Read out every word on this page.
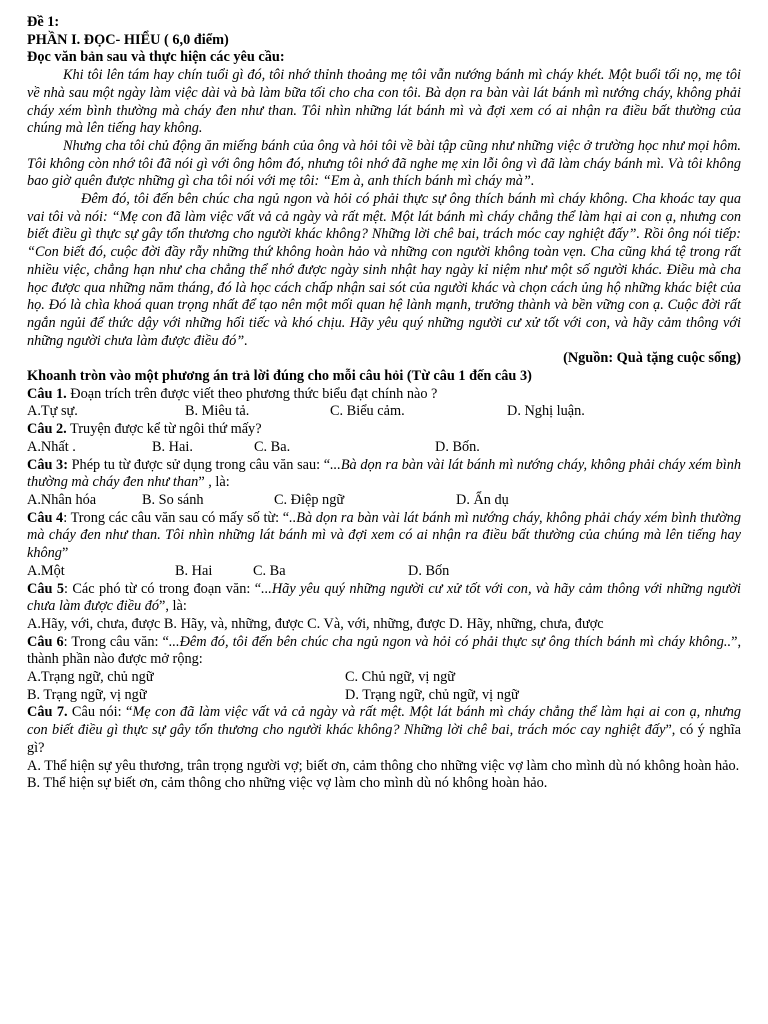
Đề 1:

PHẦN I. ĐỌC- HIỂU ( 6,0 điểm)

Đọc văn bản sau và thực hiện các yêu cầu:

Khi tôi lên tám hay chín tuổi gì đó, tôi nhớ thỉnh thoảng mẹ tôi vẫn nướng bánh mì cháy khét. Một buổi tối nọ, mẹ tôi về nhà sau một ngày làm việc dài và bà làm bữa tối cho cha con tôi. Bà dọn ra bàn vài lát bánh mì nướng cháy, không phải cháy xém bình thường mà cháy đen như than. Tôi nhìn những lát bánh mì và đợi xem có ai nhận ra điều bất thường của chúng mà lên tiếng hay không.

Nhưng cha tôi chủ động ăn miếng bánh của ông và hỏi tôi về bài tập cũng như những việc ở trường học như mọi hôm. Tôi không còn nhớ tôi đã nói gì với ông hôm đó, nhưng tôi nhớ đã nghe mẹ xin lỗi ông vì đã làm cháy bánh mì. Và tôi không bao giờ quên được những gì cha tôi nói với mẹ tôi: “Em à, anh thích bánh mì cháy mà”.

Đêm đó, tôi đến bên chúc cha ngủ ngon và hỏi có phải thực sự ông thích bánh mì cháy không. Cha khoác tay qua vai tôi và nói: “Mẹ con đã làm việc vất vả cả ngày và rất mệt. Một lát bánh mì cháy chẳng thể làm hại ai con ạ, nhưng con biết điều gì thực sự gây tổn thương cho người khác không? Những lời chê bai, trách móc cay nghiệt đấy”. Rồi ông nói tiếp: “Con biết đó, cuộc đời đầy rẫy những thứ không hoàn hảo và những con người không toàn vẹn. Cha cũng khá tệ trong rất nhiều việc, chẳng hạn như cha chẳng thể nhớ được ngày sinh nhật hay ngày kỉ niệm như một số người khác. Điều mà cha học được qua những năm tháng, đó là học cách chấp nhận sai sót của người khác và chọn cách ủng hộ những khác biệt của họ. Đó là chìa khoá quan trọng nhất để tạo nên một mối quan hệ lành mạnh, trưởng thành và bền vững con ạ. Cuộc đời rất ngắn ngủi để thức dậy với những hối tiếc và khó chịu. Hãy yêu quý những người cư xử tốt với con, và hãy cảm thông với những người chưa làm được điều đó”.

(Nguồn: Quà tặng cuộc sống)

Khoanh tròn vào một phương án trả lời đúng cho mỗi câu hỏi (Từ câu 1 đến câu 3)

Câu 1. Đoạn trích trên được viết theo phương thức biểu đạt chính nào ?

A.Tự sự.	B. Miêu tả.	C. Biểu cảm.	D. Nghị luận.

Câu 2. Truyện được kể từ ngôi thứ mấy?

A.Nhất .	B. Hai.	C. Ba.	D. Bốn.

Câu 3: Phép tu từ được sử dụng trong câu văn sau: “...Bà dọn ra bàn vài lát bánh mì nướng cháy, không phải cháy xém bình thường mà cháy đen như than” , là:

A.Nhân hóa	B. So sánh	C. Điệp ngữ	D. Ẩn dụ

Câu 4: Trong các câu văn sau có mấy số từ: “..Bà dọn ra bàn vài lát bánh mì nướng cháy, không phải cháy xém bình thường mà cháy đen như than. Tôi nhìn những lát bánh mì và đợi xem có ai nhận ra điều bất thường của chúng mà lên tiếng hay không”

A.Một	B. Hai	C. Ba	D. Bốn

Câu 5: Các phó từ có trong đoạn văn: “...Hãy yêu quý những người cư xử tốt với con, và hãy cảm thông với những người chưa làm được điều đó”, là:

A.Hãy, với, chưa, được B. Hãy, và, những, được C. Và, với, những, được D. Hãy, những, chưa, được

Câu 6: Trong câu văn: “...Đêm đó, tôi đến bên chúc cha ngủ ngon và hỏi có phải thực sự ông thích bánh mì cháy không..”, thành phần nào được mở rộng:

A.Trạng ngữ, chủ ngữ	C. Chủ ngữ, vị ngữ
B. Trạng ngữ, vị ngữ	D. Trạng ngữ, chủ ngữ, vị ngữ

Câu 7. Câu nói: “Mẹ con đã làm việc vất vả cả ngày và rất mệt. Một lát bánh mì cháy chẳng thể làm hại ai con ạ, nhưng con biết điều gì thực sự gây tổn thương cho người khác không? Những lời chê bai, trách móc cay nghiệt đấy”, có ý nghĩa gì?

A. Thể hiện sự yêu thương, trân trọng người vợ; biết ơn, cảm thông cho những việc vợ làm cho mình dù nó không hoàn hảo.

B. Thể hiện sự biết ơn, cảm thông cho những việc vợ làm cho mình dù nó không hoàn hảo.
